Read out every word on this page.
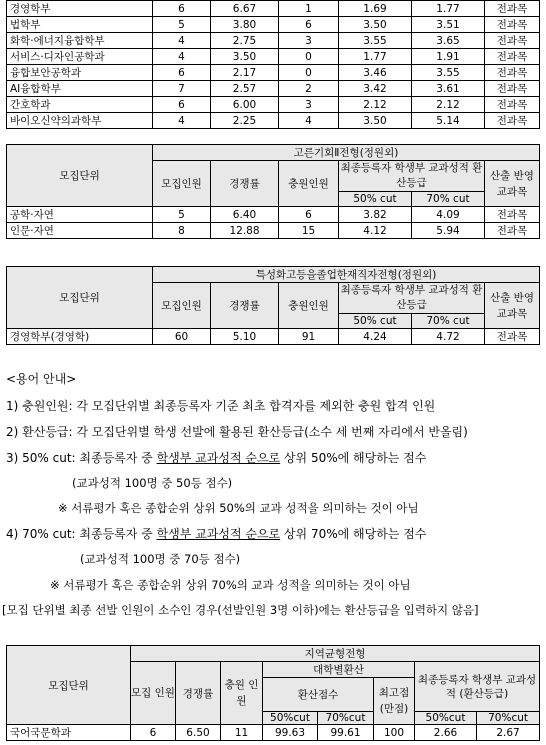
경영학부	6	6.67	1	1.69	1.77	전과목
법학부	5	3.80	6	3.50	3.51	전과목
화학·에너지융합학부	4	2.75	3	3.55	3.65	전과목
서비스·디자인공학과	4	3.50	0	1.77	1.91	전과목
융합보안공학과	6	2.17	0	3.46	3.55	전과목
AI융합학부	7	2.57	2	3.42	3.61	전과목
간호학과	6	6.00	3	2.12	2.12	전과목
바이오신약의과학부	4	2.25	4	3.50	5.14	전과목
모집단위	고른기회Ⅱ전형(정원외)					
	모집인원	경쟁률	충원인원	최종등록자 학생부 교과성적 환산등급		산출 반영 교과목
				50% cut	70% cut	
공학·자연	5	6.40	6	3.82	4.09	전과목
인문·자연	8	12.88	15	4.12	5.94	전과목
모집단위	특성화고등을졸업한재직자전형(정원외)					
	모집인원	경쟁률	충원인원	최종등록자 학생부 교과성적 환산등급		산출 반영 교과목
				50% cut	70% cut	
경영학부(경영학)	60	5.10	91	4.24	4.72	전과목
<용어 안내>
1) 충원인원: 각 모집단위별 최종등록자 기준 최초 합격자를 제외한 충원 합격 인원
2) 환산등급: 각 모집단위별 학생 선발에 활용된 환산등급(소수 세 번째 자리에서 반올림)
3) 50% cut: 최종등록자 중 학생부 교과성적 순으로 상위 50%에 해당하는 점수
(교과성적 100명 중 50등 점수)
※ 서류평가 혹은 종합순위 상위 50%의 교과 성적을 의미하는 것이 아님
4) 70% cut: 최종등록자 중 학생부 교과성적 순으로 상위 70%에 해당하는 점수
(교과성적 100명 중 70등 점수)
※ 서류평가 혹은 종합순위 상위 70%의 교과 성적을 의미하는 것이 아님
[모집 단위별 최종 선발 인원이 소수인 경우(선발인원 3명 이하)에는 환산등급을 입력하지 않음]
모집단위	지역균형전형							
	모집 인원	경쟁률	충원 인원	대학별환산			최종등록자 학생부 교과성적 (환산등급)	
				환산점수		최고점 (만점)		
				50%cut	70%cut		50%cut	70%cut
국어국문학과	6	6.50	11	99.63	99.61	100	2.66	2.67
